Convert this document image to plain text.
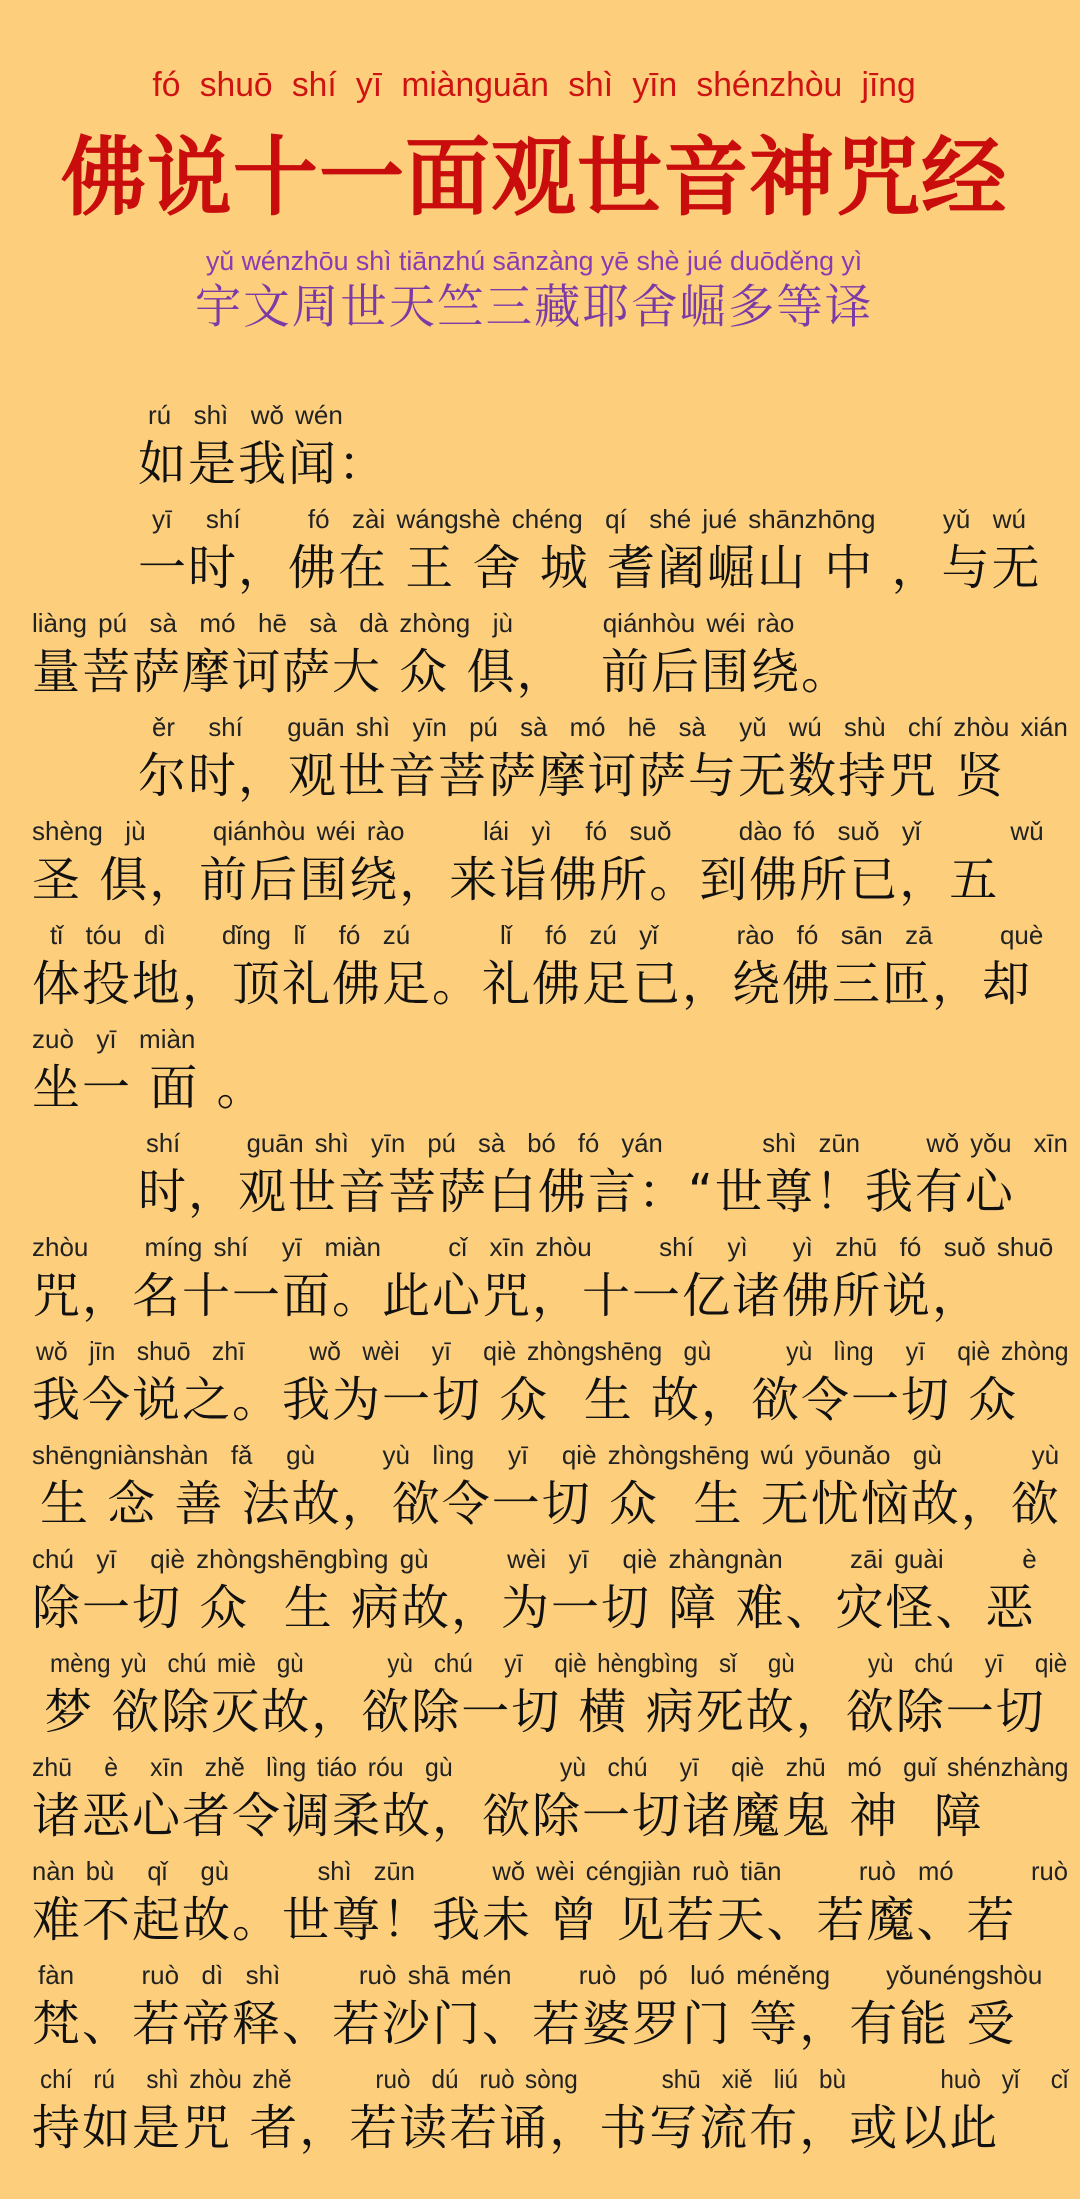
fó shuō shí yī miànguān shì yīn shénzhòu jīng
佛说十一面观世音神咒经
yǔ wénzhōu shì tiānzhú sānzàng yē shè jué duōděng yì
宇文周世天竺三藏耶舍崛多等译
rú  shì  wǒ wén
如是我闻：
yī   shí      fó  zài wángshè chéng  qí  shé jué shānzhōng      yǔ  wú
一时，佛在 王 舍 城 耆阇崛山 中 ，与无
liàng pú  sà  mó  hē  sà  dà zhòng  jù        qiánhòu wéi rào
量菩萨摩诃萨大 众 俱，  前后围绕。
ěr   shí    guān shì  yīn  pú  sà  mó  hē  sà   yǔ  wú  shù  chí zhòu xián
尔时，观世音菩萨摩诃萨与无数持咒 贤
shèng  jù      qiánhòu wéi rào       lái  yì   fó  suǒ      dào fó  suǒ  yǐ        wǔ
圣 俱，前后围绕，来诣佛所。到佛所已，五
tǐ  tóu  dì     dǐng  lǐ   fó  zú        lǐ   fó  zú  yǐ       rào  fó  sān  zā      què
体投地，顶礼佛足。礼佛足已，绕佛三匝，却
zuò  yī  miàn
坐一 面 。
shí      guān shì  yīn  pú  sà  bó  fó  yán         shì  zūn      wǒ yǒu  xīn
时，观世音菩萨白佛言：“世尊！我有心
zhòu     míng shí   yī  miàn      cǐ  xīn zhòu      shí   yì    yì  zhū  fó  suǒ shuō
咒，名十一面。此心咒，十一亿诸佛所说，
wǒ  jīn  shuō  zhī      wǒ  wèi   yī   qiè zhòngshēng  gù       yù  lìng   yī   qiè zhòng
我今说之。我为一切 众  生 故，欲令一切 众
shēngniànshàn  fǎ   gù      yù  lìng   yī   qiè zhòngshēng wú yōunǎo  gù        yù
生 念 善 法故，欲令一切 众  生 无忧恼故，欲
chú  yī   qiè zhòngshēngbìng gù       wèi  yī   qiè zhàngnàn      zāi guài       è
除一切 众  生 病故，为一切 障 难、灾怪、恶
mèng yù  chú miè  gù        yù  chú   yī   qiè hèngbìng  sǐ   gù       yù  chú   yī   qiè
梦 欲除灭故，欲除一切 横 病死故，欲除一切
zhū   è   xīn  zhě  lìng tiáo róu  gù          yù  chú   yī   qiè  zhū  mó  guǐ shénzhàng
诸恶心者令调柔故，欲除一切诸魔鬼 神  障
nàn bù   qǐ   gù        shì  zūn       wǒ wèi céngjiàn ruò tiān       ruò  mó       ruò
难不起故。世尊！我未 曾 见若天、若魔、若
fàn      ruò  dì  shì       ruò shā mén      ruò  pó  luó méněng     yǒunéngshòu
梵、若帝释、若沙门、若婆罗门 等，有能 受
chí  rú   shì zhòu zhě        ruò  dú  ruò sòng        shū  xiě  liú  bù         huò  yǐ   cǐ
持如是咒 者，若读若诵，书写流布，或以此
